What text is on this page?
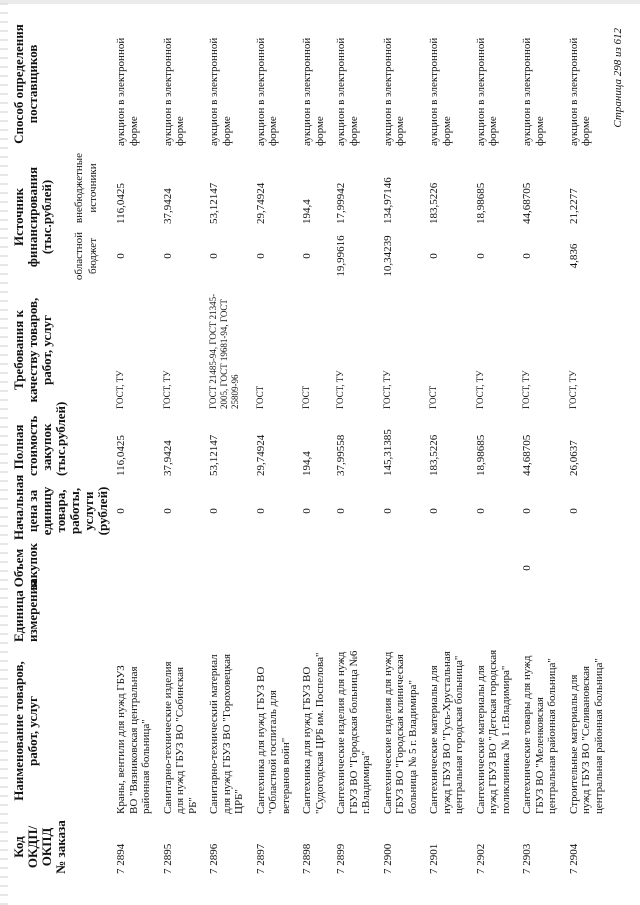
Код ОКДП/ ОКПД № заказа	Наименование товаров, работ, услуг	Единица измерения	Объем закупок	Начальная цена за единицу товара, работы, услуги (рублей)	Полная стоимость закупок (тыс.рублей)	Требования к качеству товаров, работ, услуг	Источник финансирования (тыс.рублей)		Способ определения поставщиков
							областной бюджет	внебюджетные источники	
7 2894	Краны, вентили для нужд ГБУЗ ВО "Вязниковская центральная районная больница"			0	116,0425	ГОСТ, ТУ	0	116,0425	аукцион в электронной форме
7 2895	Санитарно-технические изделия для нужд ГБУЗ ВО "Собинская РБ"			0	37,9424	ГОСТ, ТУ	0	37,9424	аукцион в электронной форме
7 2896	Санитарно-технический материал для нужд ГБУЗ ВО "Гороховецкая ЦРБ"			0	53,12147	ГОСТ 21485-94, ГОСТ 21345-2005, ГОСТ 19681-94, ГОСТ 25809-96	0	53,12147	аукцион в электронной форме
7 2897	Сантехника для нужд ГБУЗ ВО "Областной госпиталь для ветеранов войн"			0	29,74924	ГОСТ	0	29,74924	аукцион в электронной форме
7 2898	Сантехника для нужд ГБУЗ ВО "Судогодская ЦРБ им. Поспелова"			0	194,4	ГОСТ	0	194,4	аукцион в электронной форме
7 2899	Сантехнические изделия для нужд ГБУЗ ВО "Городская больница №6 г.Владимира"			0	37,99558	ГОСТ, ТУ	19,99616	17,99942	аукцион в электронной форме
7 2900	Сантехнические изделия для нужд ГБУЗ ВО "Городская клиническая больница № 5 г. Владимира"			0	145,31385	ГОСТ, ТУ	10,34239	134,97146	аукцион в электронной форме
7 2901	Сантехнические материалы для нужд ГБУЗ ВО "Гусь-Хрустальная центральная городская больница"			0	183,5226	ГОСТ	0	183,5226	аукцион в электронной форме
7 2902	Сантехнические материалы для нужд ГБУЗ ВО "Детская городская поликлиника № 1 г.Владимира"			0	18,98685	ГОСТ, ТУ	0	18,98685	аукцион в электронной форме
7 2903	Сантехнические товары для нужд ГБУЗ ВО "Меленковская центральная районная больница"		0	0	44,68705	ГОСТ, ТУ	0	44,68705	аукцион в электронной форме
7 2904	Строительные материалы для нужд ГБУЗ ВО "Селивановская центральная районная больница"			0	26,0637	ГОСТ, ТУ	4,836	21,2277	аукцион в электронной форме
Страница 298 из 612
